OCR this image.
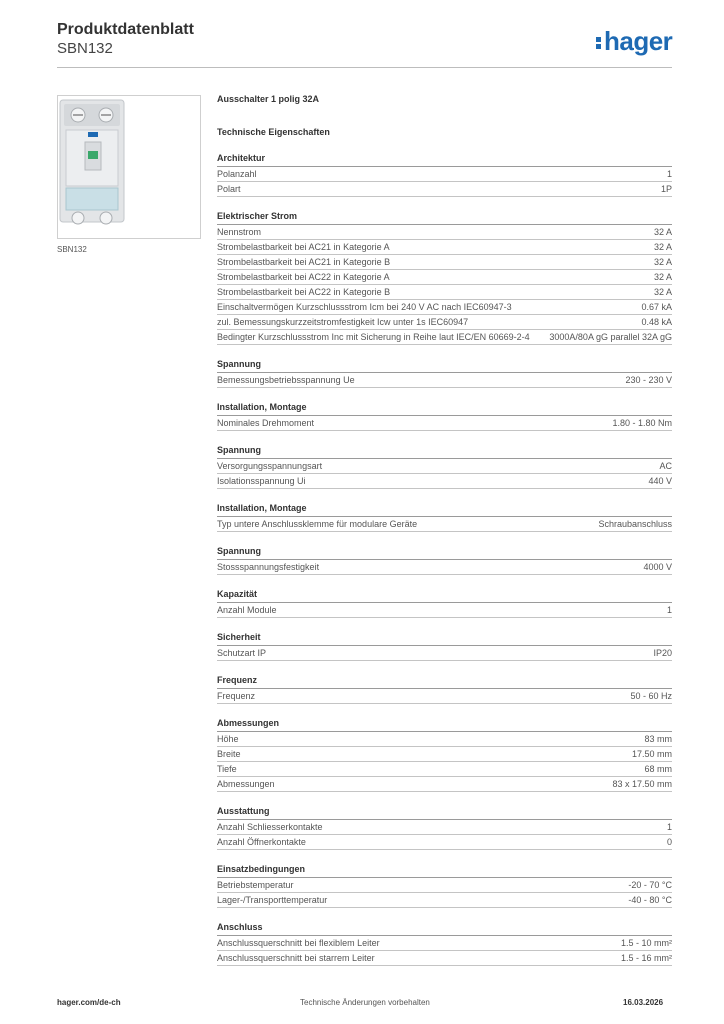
Produktdatenblatt
SBN132	hager
SBN132
Ausschalter 1 polig 32A
Technische Eigenschaften
Architektur
Polanzahl	1
Polart	1P
Elektrischer Strom
Nennstrom	32 A
Strombelastbarkeit bei AC21 in Kategorie A	32 A
Strombelastbarkeit bei AC21 in Kategorie B	32 A
Strombelastbarkeit bei AC22 in Kategorie A	32 A
Strombelastbarkeit bei AC22 in Kategorie B	32 A
Einschaltvermögen Kurzschlussstrom Icm bei 240 V AC nach IEC60947-3	0.67 kA
zul. Bemessungskurzzeitstromfestigkeit Icw unter 1s IEC60947	0.48 kA
Bedingter Kurzschlussstrom Inc mit Sicherung in Reihe laut IEC/EN 60669-2-4	3000A/80A gG parallel 32A gG
Spannung
Bemessungsbetriebsspannung Ue	230 - 230 V
Installation, Montage
Nominales Drehmoment	1.80 - 1.80 Nm
Spannung
Versorgungsspannungsart	AC
Isolationsspannung Ui	440 V
Installation, Montage
Typ untere Anschlussklemme für modulare Geräte	Schraubanschluss
Spannung
Stossspannungsfestigkeit	4000 V
Kapazität
Anzahl Module	1
Sicherheit
Schutzart IP	IP20
Frequenz
Frequenz	50 - 60 Hz
Abmessungen
Höhe	83 mm
Breite	17.50 mm
Tiefe	68 mm
Abmessungen	83 x 17.50 mm
Ausstattung
Anzahl Schliesserkontakte	1
Anzahl Öffnerkontakte	0
Einsatzbedingungen
Betriebstemperatur	-20 - 70 °C
Lager-/Transporttemperatur	-40 - 80 °C
Anschluss
Anschlussquerschnitt bei flexiblem Leiter	1.5 - 10 mm²
Anschlussquerschnitt bei starrem Leiter	1.5 - 16 mm²
hager.com/de-ch	Technische Änderungen vorbehalten	16.03.2026
